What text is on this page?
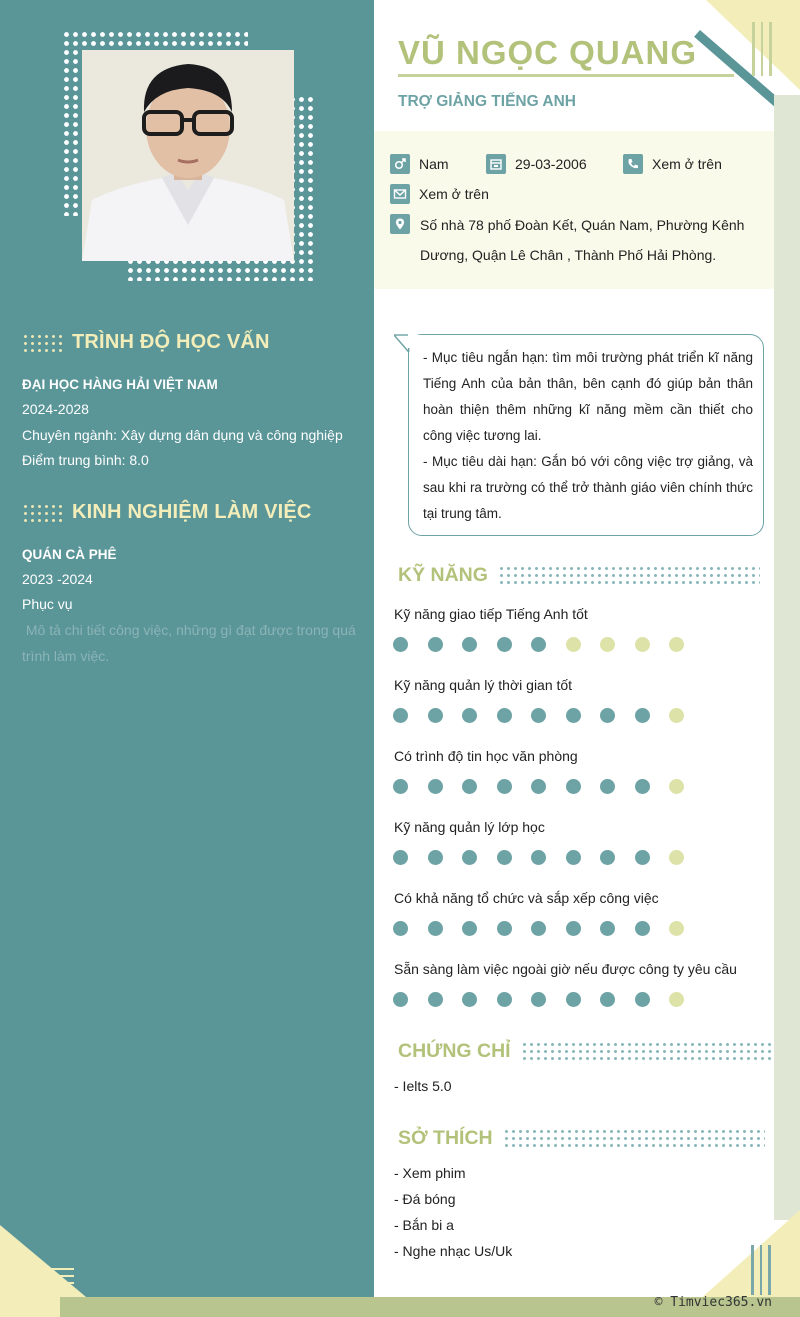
TRÌNH ĐỘ HỌC VẤN
ĐẠI HỌC HÀNG HẢI VIỆT NAM
2024-2028
Chuyên ngành: Xây dựng dân dụng và công nghiệp
Điểm trung bình: 8.0
KINH NGHIỆM LÀM VIỆC
QUÁN CÀ PHÊ
2023 -2024
Phục vụ
Mô tả chi tiết công việc, những gì đạt được trong quá trình làm việc.
© Timviec365.vn
VŨ NGỌC QUANG
TRỢ GIẢNG TIẾNG ANH
Nam	29-03-2006	Xem ở trên
Xem ở trên
Số nhà 78 phố Đoàn Kết, Quán Nam, Phường Kênh
Dương, Quận Lê Chân , Thành Phố Hải Phòng.

- Mục tiêu ngắn hạn: tìm môi trường phát triển kĩ năng Tiếng Anh của bản thân, bên cạnh đó giúp bản thân hoàn thiện thêm những kĩ năng mềm cần thiết cho công việc tương lai.

- Mục tiêu dài hạn: Gắn bó với công việc trợ giảng, và sau khi ra trường có thể trở thành giáo viên chính thức tại trung tâm.

KỸ NĂNG
Kỹ năng giao tiếp Tiếng Anh tốt
Kỹ năng quản lý thời gian tốt
Có trình độ tin học văn phòng
Kỹ năng quản lý lớp học
Có khả năng tổ chức và sắp xếp công việc
Sẵn sàng làm việc ngoài giờ nếu được công ty yêu cầu
CHỨNG CHỈ
- Ielts 5.0
SỞ THÍCH
- Xem phim
- Đá bóng
- Bắn bi a
- Nghe nhạc Us/Uk
